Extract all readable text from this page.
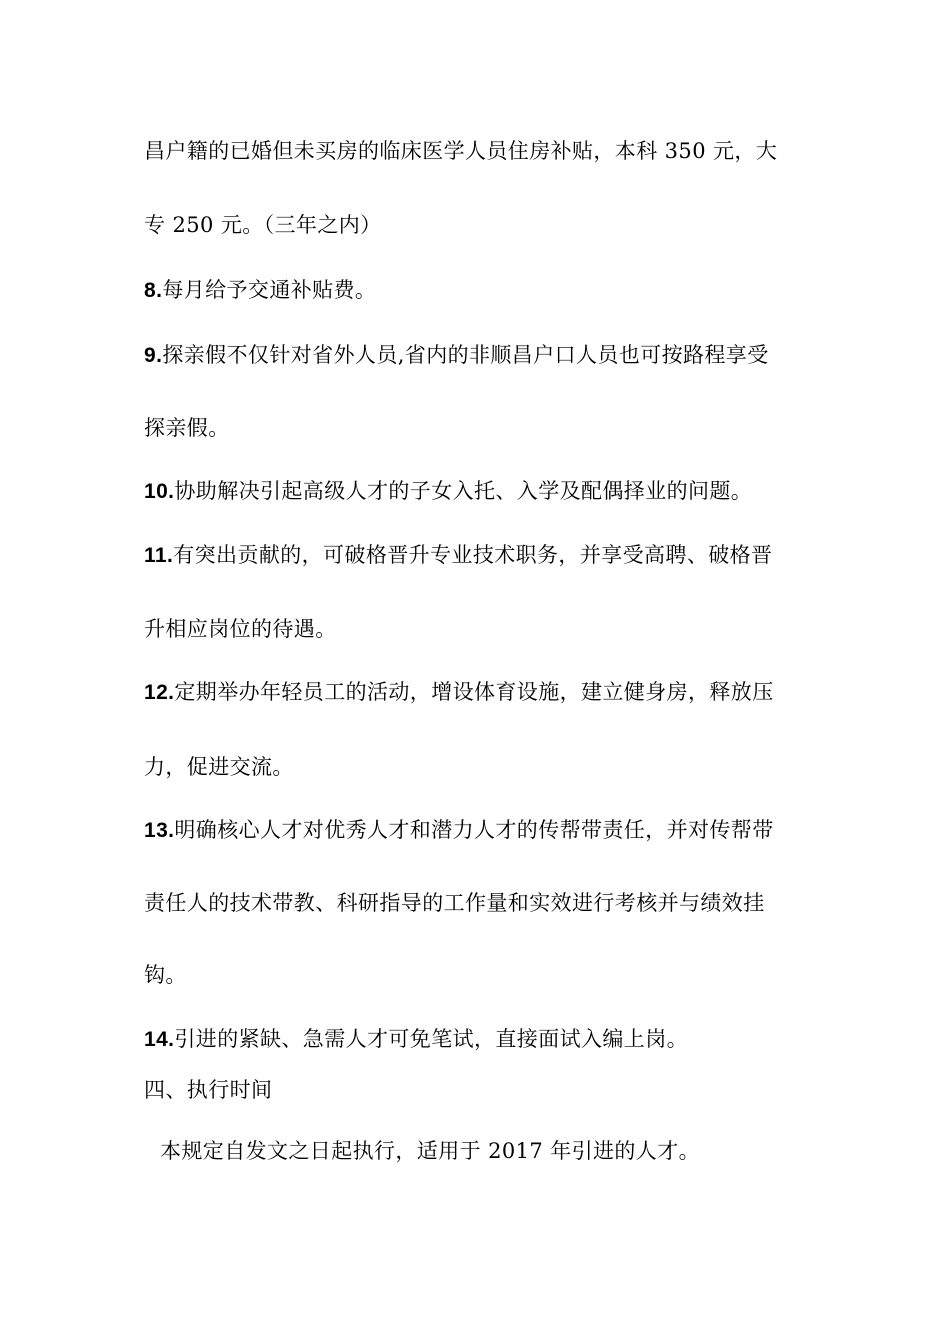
昌户籍的已婚但未买房的临床医学人员住房补贴，本科 350 元，大
专 250 元。（三年之内）
8.每月给予交通补贴费。
9.探亲假不仅针对省外人员,省内的非顺昌户口人员也可按路程享受
探亲假。
10.协助解决引起高级人才的子女入托、入学及配偶择业的问题。
11.有突出贡献的，可破格晋升专业技术职务，并享受高聘、破格晋
升相应岗位的待遇。
12.定期举办年轻员工的活动，增设体育设施，建立健身房，释放压
力，促进交流。
13.明确核心人才对优秀人才和潜力人才的传帮带责任，并对传帮带
责任人的技术带教、科研指导的工作量和实效进行考核并与绩效挂
钩。
14.引进的紧缺、急需人才可免笔试，直接面试入编上岗。
四、执行时间
本规定自发文之日起执行，适用于 2017 年引进的人才。
